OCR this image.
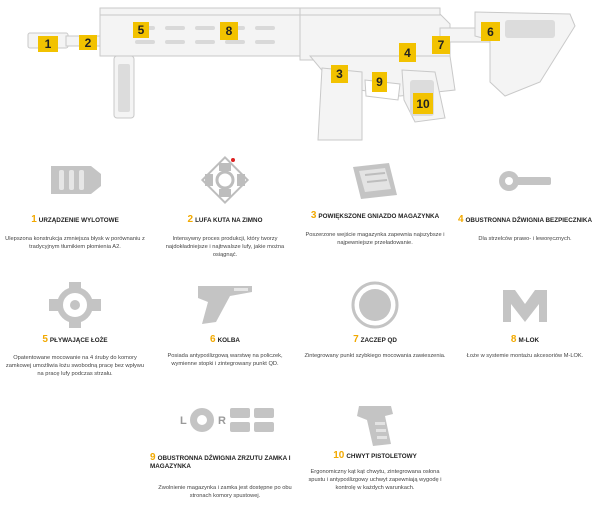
1	2
5	8
3
9
4
10
7
6
1 URZĄDZENIE WYLOTOWE
Ulepszona konstrukcja zmniejsza błysk w porównaniu z tradycyjnym tłumikiem płomienia A2.
2 LUFA KUTA NA ZIMNO
Intensywny proces produkcji, który tworzy najdokładniejsze i najtrwalsze lufy, jakie można osiągnąć.
3 POWIĘKSZONE GNIAZDO MAGAZYNKA
Poszerzone wejście magazynka zapewnia najszybsze i najpewniejsze przeładowanie.
4 OBUSTRONNA DŹWIGNIA BEZPIECZNIKA
Dla strzelców prawo- i leworęcznych.
5 PŁYWAJĄCE ŁOŻE
Opatentowane mocowanie na 4 śruby do komory zamkowej umożliwia łożu swobodną pracę bez wpływu na pracę lufy podczas strzału.
6 KOLBA
Posiada antypoślizgową warstwę na policzek, wymienne stopki i zintegrowany punkt QD.
7 ZACZEP QD
Zintegrowany punkt szybkiego mocowania zawieszenia.
8 M-LOK
Łoże w systemie montażu akcesoriów M-LOK.
L	R
9 OBUSTRONNA DŹWIGNIA ZRZUTU ZAMKA I MAGAZYNKA
Zwolnienie magazynka i zamka jest dostępne po obu stronach komory spustowej.
10 CHWYT PISTOLETOWY
Ergonomiczny kąt kąt chwytu, zintegrowana osłona spustu i antypoślizgowy uchwyt zapewniają wygodę i kontrolę w każdych warunkach.
